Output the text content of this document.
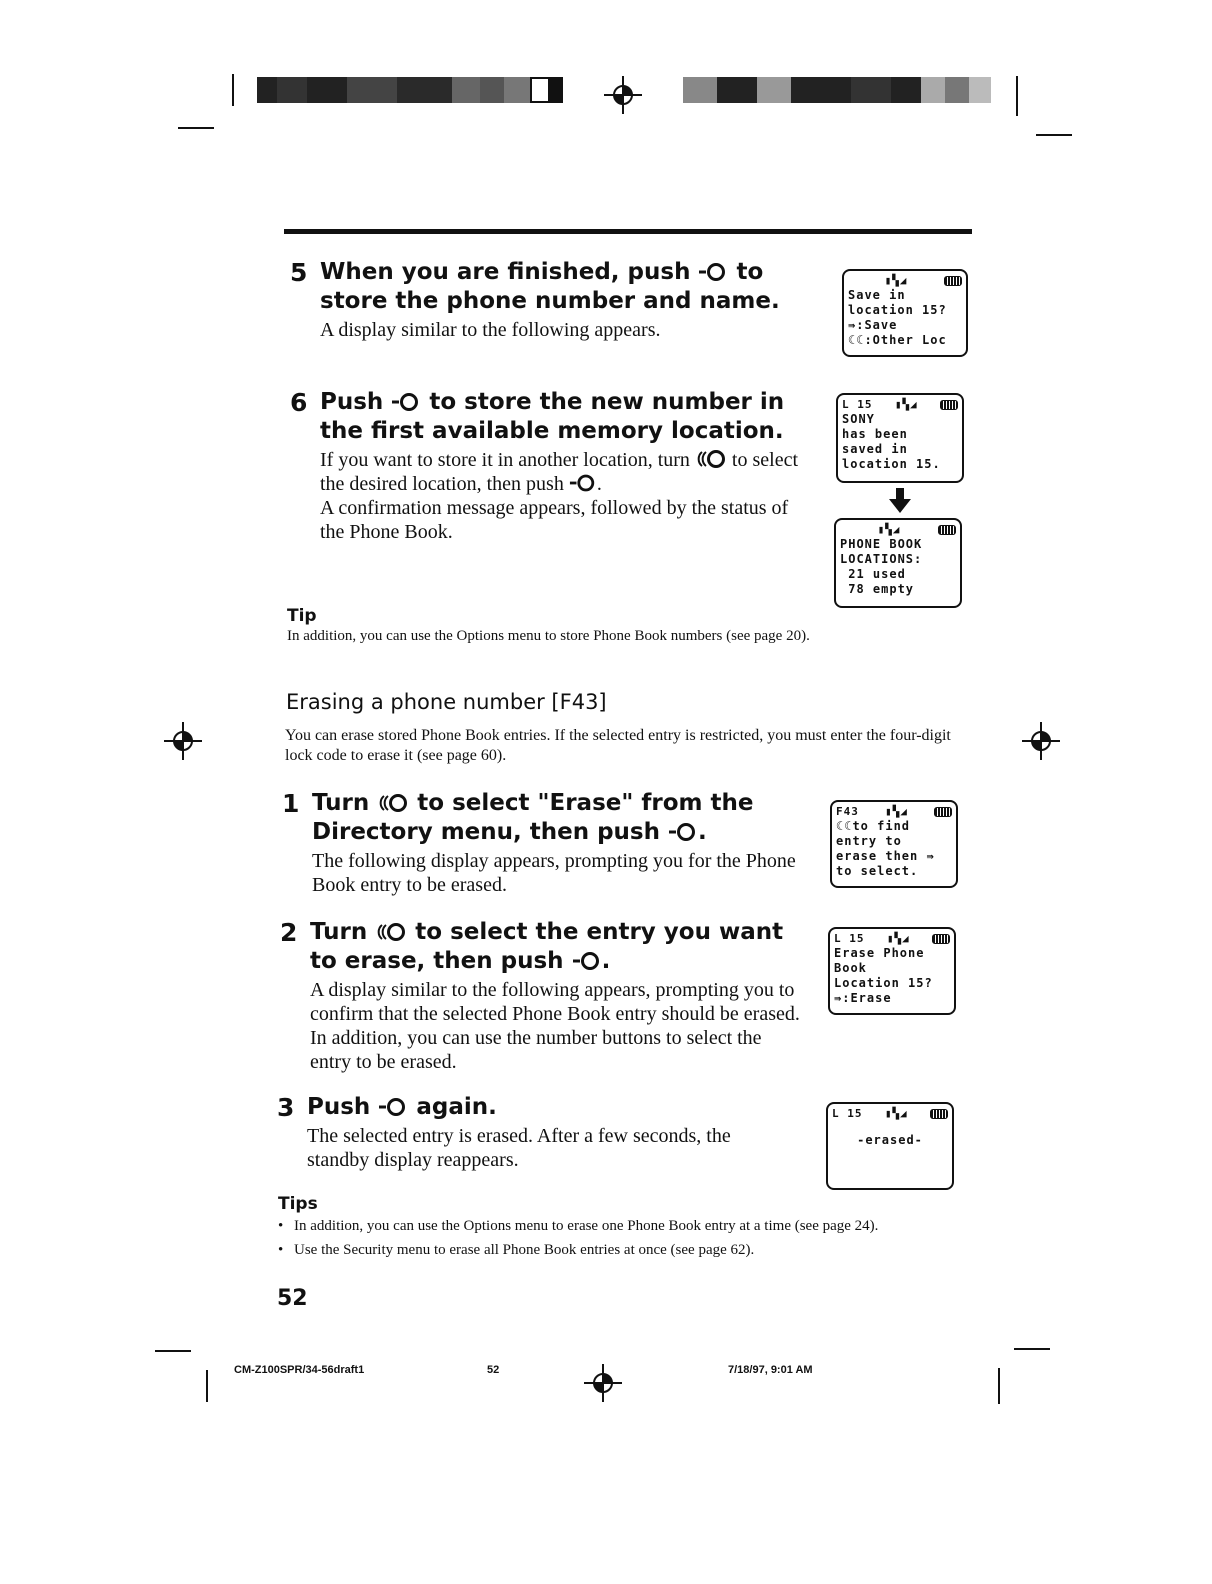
5 When you are finished, push to store the phone number and name.
A display similar to the following appears.
▮▚◢
Save in
location 15?
⇛:Save
☾☾:Other Loc
6 Push to store the new number in the first available memory location.
If you want to store it in another location, turn to select the desired location, then push .
A confirmation message appears, followed by the status of the Phone Book.
L 15 ▮▚◢
SONY
has been
saved in
location 15.
▮▚◢
PHONE BOOK
LOCATIONS:
21 used
78 empty
Tip
In addition, you can use the Options menu to store Phone Book numbers (see page 20).
Erasing a phone number [F43]
You can erase stored Phone Book entries. If the selected entry is restricted, you must enter the four-digit lock code to erase it (see page 60).
1 Turn to select "Erase" from the Directory menu, then push .
The following display appears, prompting you for the Phone Book entry to be erased.
F43 ▮▚◢
☾☾to find
entry to
erase then ⇛
to select.
2 Turn to select the entry you want to erase, then push .
A display similar to the following appears, prompting you to confirm that the selected Phone Book entry should be erased. In addition, you can use the number buttons to select the entry to be erased.
L 15 ▮▚◢
Erase Phone
Book
Location 15?
⇛:Erase
3 Push again.
The selected entry is erased. After a few seconds, the standby display reappears.
L 15 ▮▚◢
-erased-
Tips
• In addition, you can use the Options menu to erase one Phone Book entry at a time (see page 24).
• Use the Security menu to erase all Phone Book entries at once (see page 62).
52
CM-Z100SPR/34-56draft1	52	7/18/97, 9:01 AM
